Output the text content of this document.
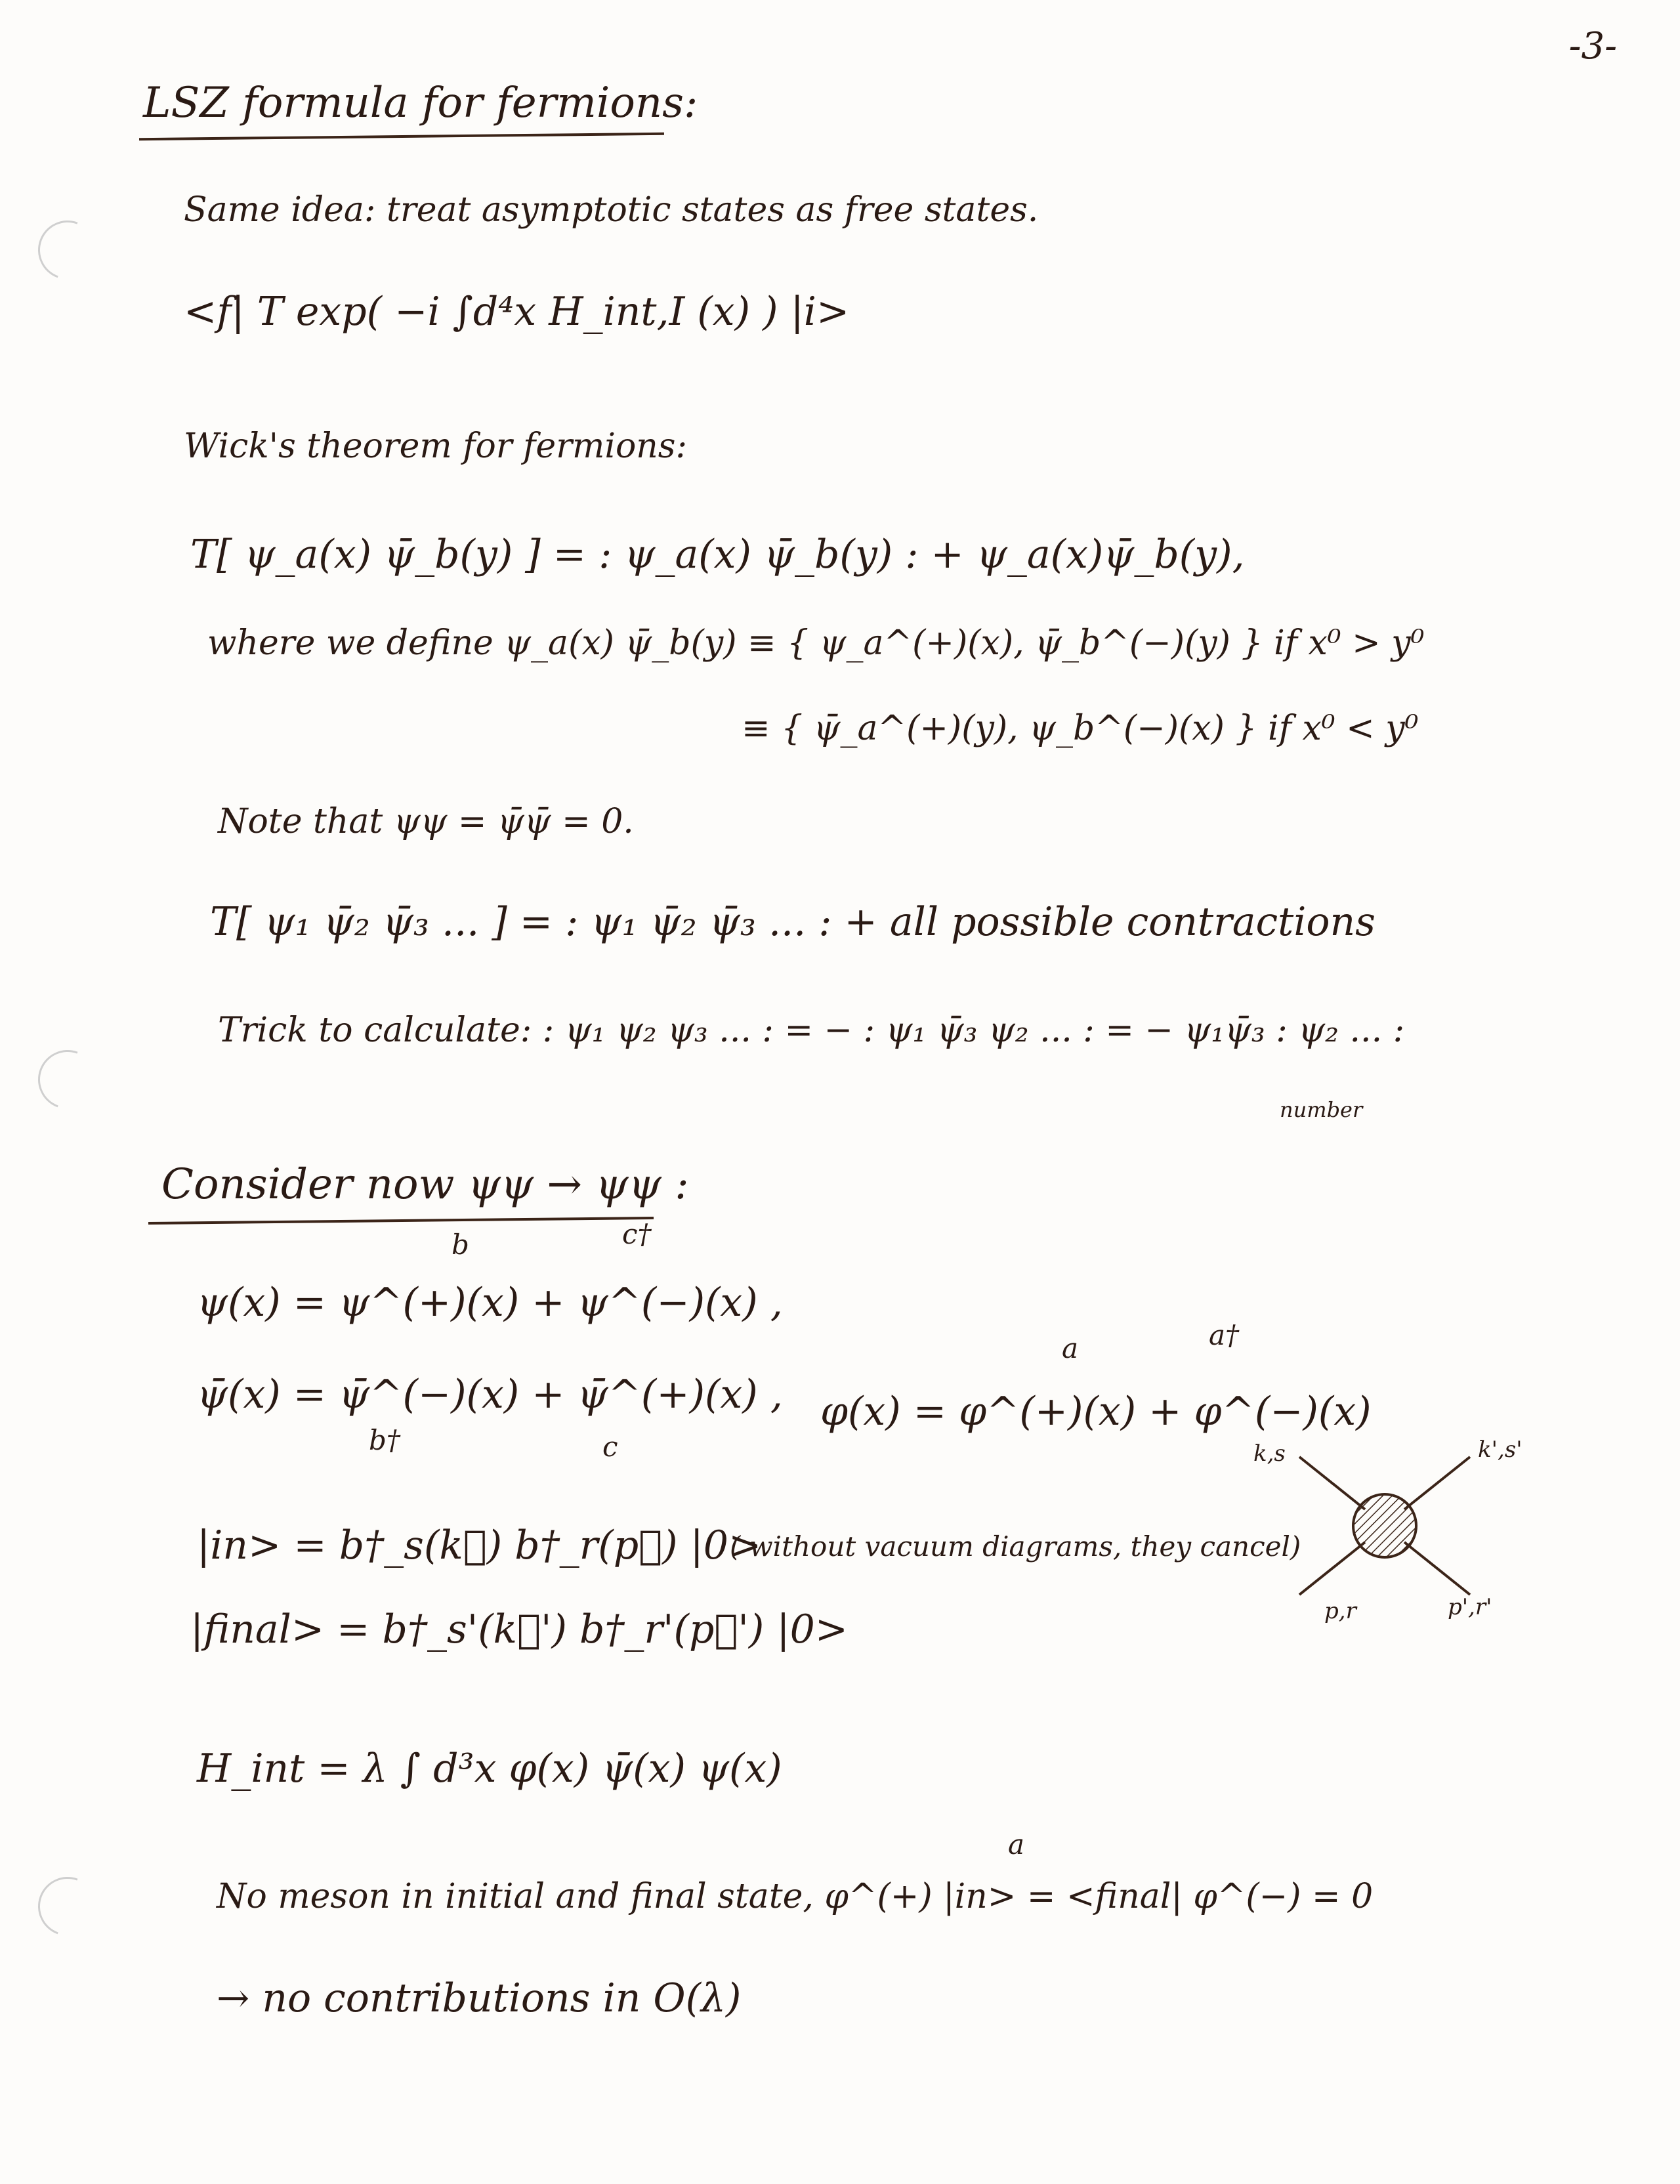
-3-
LSZ formula for fermions:
Same idea: treat asymptotic states as free states.
<f| T exp( −i ∫d⁴x H_int,I (x) ) |i>
Wick's theorem for fermions:
T[ ψ_a(x) ψ̄_b(y) ] = : ψ_a(x) ψ̄_b(y) : + ψ_a(x)ψ̄_b(y),
where we define ψ_a(x) ψ̄_b(y) ≡ { ψ_a^(+)(x), ψ̄_b^(−)(y) } if x⁰ > y⁰
≡ { ψ̄_a^(+)(y), ψ_b^(−)(x) } if x⁰ < y⁰
Note that ψψ = ψ̄ψ̄ = 0.
T[ ψ₁ ψ̄₂ ψ̄₃ ... ] = : ψ₁ ψ̄₂ ψ̄₃ ... : + all possible contractions
Trick to calculate: : ψ₁ ψ₂ ψ₃ ... : = − : ψ₁ ψ̄₃ ψ₂ ... : = − ψ₁ψ̄₃ : ψ₂ ... :
number
Consider now ψψ → ψψ :
b	c†
ψ(x) = ψ^(+)(x) + ψ^(−)(x) ,
ψ̄(x) = ψ̄^(−)(x) + ψ̄^(+)(x) ,
b†	c
a	a†
φ(x) = φ^(+)(x) + φ^(−)(x)
k,s	k',s'
p,r	p',r'
|in> = b†_s(k⃗) b†_r(p⃗) |0>
( without vacuum diagrams, they cancel)
|final> = b†_s'(k⃗') b†_r'(p⃗') |0>
H_int = λ ∫ d³x φ(x) ψ̄(x) ψ(x)
a
No meson in initial and final state, φ^(+) |in> = <final| φ^(−) = 0
→ no contributions in O(λ)
